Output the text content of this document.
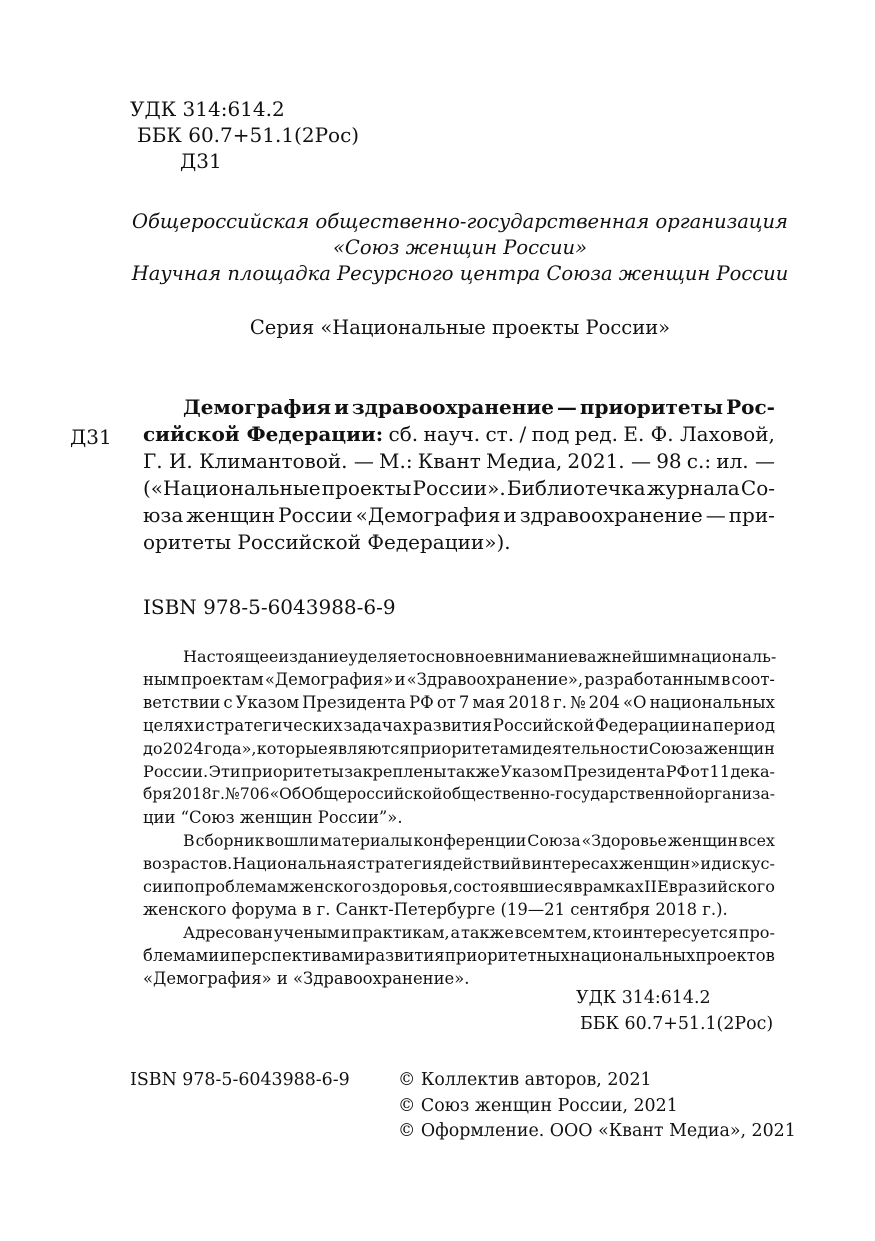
УДК 314:614.2
ББК 60.7+51.1(2Рос)
Д31
Общероссийская общественно-государственная организация
«Союз женщин России»
Научная площадка Ресурсного центра Союза женщин России
Серия «Национальные проекты России»
Д31
Демография и здравоохранение — приоритеты Рос-
сийской Федерации: сб. науч. ст. / под ред. Е. Ф. Лаховой,
Г. И. Климантовой. — М.: Квант Медиа, 2021. — 98 с.: ил. —
(«Национальные проекты России». Библиотечка журнала Со-
юза женщин России «Демография и здравоохранение — при-
оритеты Российской Федерации»).
ISBN 978-5-6043988-6-9
Настоящее издание уделяет основное внимание важнейшим националь-
ным проектам «Демография» и «Здравоохранение», разработанным в соот-
ветствии с Указом Президента РФ от 7 мая 2018 г. № 204 «О национальных
целях и стратегических задачах развития Российской Федерации на период
до 2024 года», которые являются приоритетами деятельности Союза женщин
России. Эти приоритеты закреплены также Указом Президента РФ от 11 дека-
бря 2018 г. № 706 «Об Общероссийской общественно-государственной организа-
ции “Союз женщин России”».
В сборник вошли материалы конференции Союза «Здоровье женщин всех
возрастов. Национальная стратегия действий в интересах женщин» и дискус-
сии по проблемам женского здоровья, состоявшиеся в рамках II Евразийского
женского форума в г. Санкт-Петербурге (19—21 сентября 2018 г.).
Адресован ученым и практикам, а также всем тем, кто интересуется про-
блемами и перспективами развития приоритетных национальных проектов
«Демография» и «Здравоохранение».
УДК 314:614.2
ББК 60.7+51.1(2Рос)
ISBN 978-5-6043988-6-9	© Коллектив авторов, 2021
© Союз женщин России, 2021
© Оформление. ООО «Квант Медиа», 2021
